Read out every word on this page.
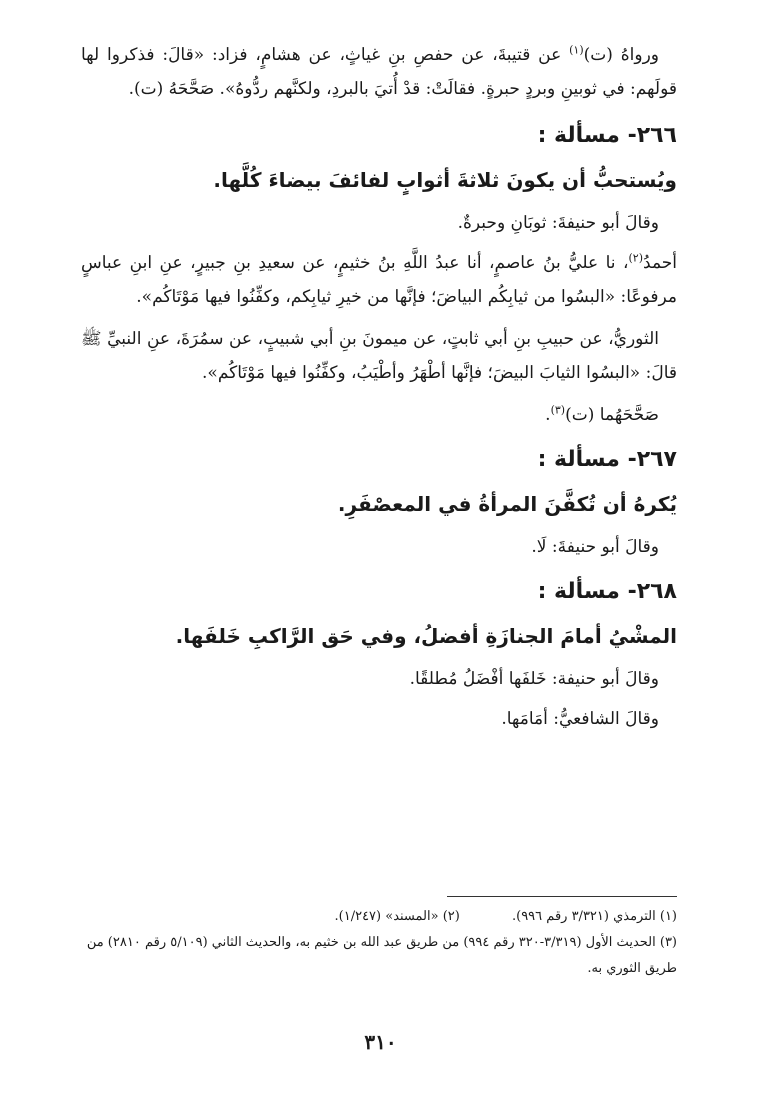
ورواهُ (ت)$^{(١)}$ عن قتيبةَ، عن حفصِ بنِ غياثٍ، عن هشامٍ، فزاد: «قالَ: فذكروا لها قولَهم: في ثوبينِ وبردٍ حبرةٍ. فقالَتْ: قدْ أُتيَ بالبردِ، ولكنَّهم ردُّوهُ». صَحَّحَهُ (ت).

٢٦٦- مسألة :

ويُستحبُّ أن يكونَ ثلاثةَ أثوابٍ لفائفَ بيضاءَ كُلَّها.

وقالَ أبو حنيفةَ: ثوبَانِ وحبرةٌ.

أحمدُ$^{(٢)}$، نا عليُّ بنُ عاصمٍ، أنا عبدُ اللَّهِ بنُ خثيمٍ، عن سعيدِ بنِ جبيرٍ، عنِ ابنِ عباسٍ مرفوعًا: «البسُوا من ثيابِكُم البياضَ؛ فإنَّها من خيرِ ثيابِكم، وكفِّنُوا فيها مَوْتَاكُم».

الثوريُّ، عن حبيبِ بنِ أبي ثابتٍ، عن ميمونَ بنِ أبي شبيبٍ، عن سمُرَةَ، عنِ النبيِّ ﷺ قالَ: «البسُوا الثيابَ البيضَ؛ فإنَّها أطْهَرُ وأطْيَبُ، وكفِّنُوا فيها مَوْتَاكُم».

صَحَّحَهُما (ت)$^{(٣)}$.

٢٦٧- مسألة :

يُكرهُ أن تُكفَّنَ المرأةُ في المعصْفَرِ.

وقالَ أبو حنيفةَ: لَا.

٢٦٨- مسألة :

المشْيُ أمامَ الجنازَةِ أفضلُ، وفي حَق الرَّاكبِ خَلفَها.

وقالَ أبو حنيفة: خَلفَها أفْضَلُ مُطلقًا.

وقالَ الشافعيُّ: أمَامَها.

(١) الترمذي (٣/٣٢١ رقم ٩٩٦). (٢) «المسند» (١/٢٤٧).
(٣) الحديث الأول (٣/٣١٩-٣٢٠ رقم ٩٩٤) من طريق عبد الله بن خثيم به، والحديث الثاني (٥/١٠٩ رقم ٢٨١٠) من طريق الثوري به.
٣١٠
